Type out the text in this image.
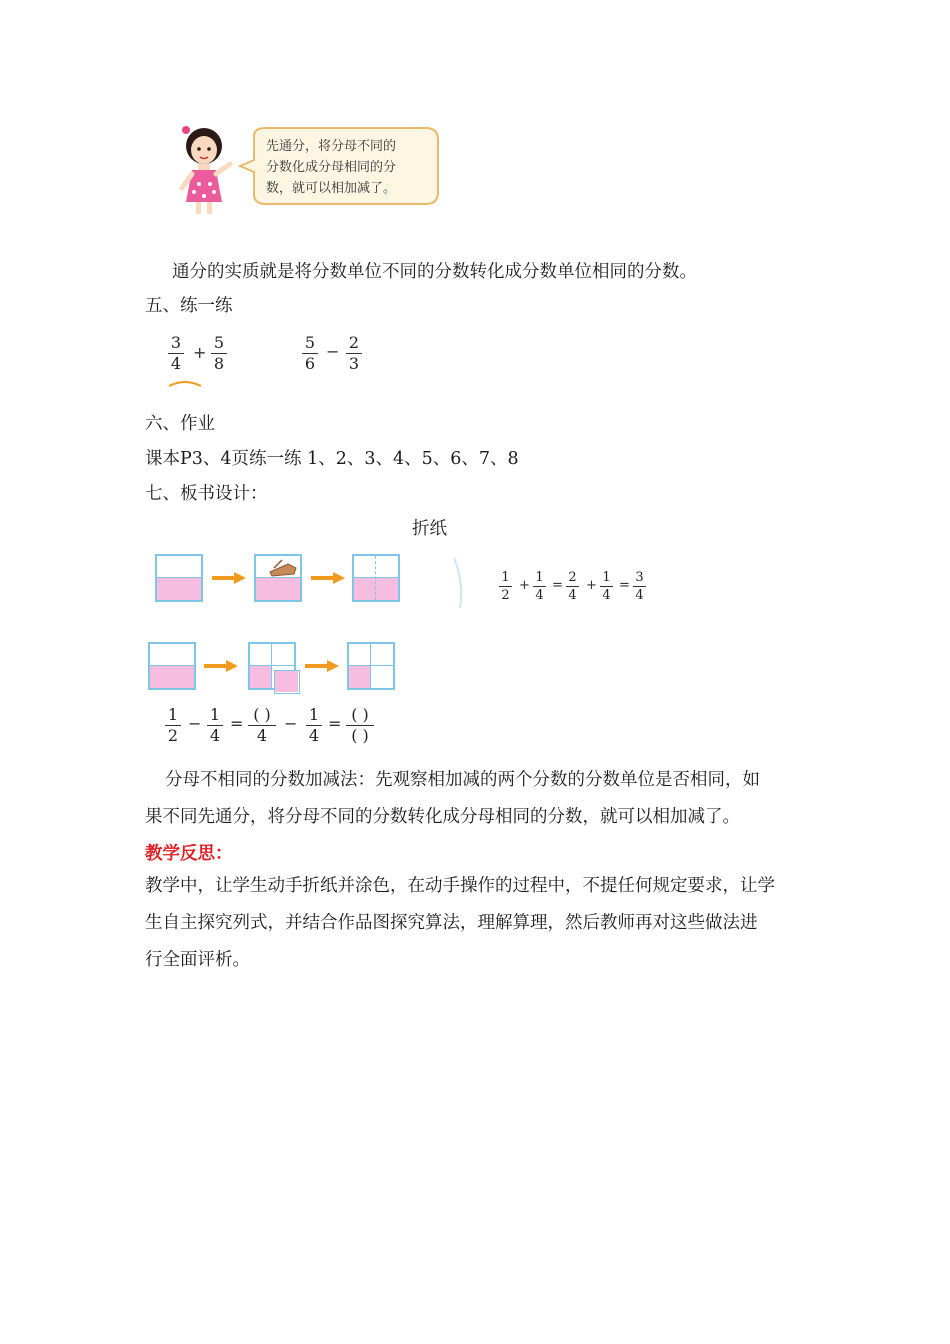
先通分，将分母不同的
分数化成分母相同的分
数，就可以相加减了。
通分的实质就是将分数单位不同的分数转化成分数单位相同的分数。
五、练一练
3
4
+
5
8
5
6
− 2
3
六、作业
课本P3、4页练一练 1、2、3、4、5、6、7、8
七、板书设计：
折纸
1
2
+
1
4
=
2
4
+
1
4
=
3
4
1
2
− 1
4
= ( )
4
− 1
4
= ( )
( )
分母不相同的分数加减法：先观察相加减的两个分数的分数单位是否相同，如
果不同先通分，将分母不同的分数转化成分母相同的分数，就可以相加减了。
教学反思：
教学中，让学生动手折纸并涂色，在动手操作的过程中，不提任何规定要求，让学
生自主探究列式，并结合作品图探究算法，理解算理，然后教师再对这些做法进
行全面评析。
